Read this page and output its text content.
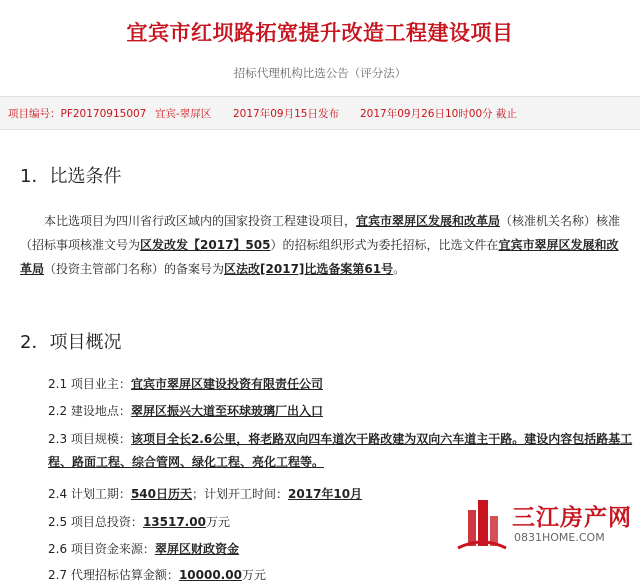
宜宾市红坝路拓宽提升改造工程建设项目
招标代理机构比选公告（评分法）
项目编号：PF20170915007 宜宾-翠屏区 2017年09月15日发布 2017年09月26日10时00分 截止
1．比选条件
本比选项目为四川省行政区域内的国家投资工程建设项目，宜宾市翠屏区发展和改革局（核准机关名称）核准（招标事项核准文号为区发改发【2017】505）的招标组织形式为委托招标，比选文件在宜宾市翠屏区发展和改革局（投资主管部门名称）的备案号为区法改[2017]比选备案第61号。
2．项目概况
2.1 项目业主：宜宾市翠屏区建设投资有限责任公司
2.2 建设地点：翠屏区振兴大道至环球玻璃厂出入口
2.3 项目规模：该项目全长2.6公里，将老路双向四车道次干路改建为双向六车道主干路。建设内容包括路基工程、路面工程、综合管网、绿化工程、亮化工程等。
2.4 计划工期：540日历天；计划开工时间：2017年10月
2.5 项目总投资：13517.00万元
2.6 项目资金来源：翠屏区财政资金
2.7 代理招标估算金额：10000.00万元
三江房产网
0831HOME.COM
